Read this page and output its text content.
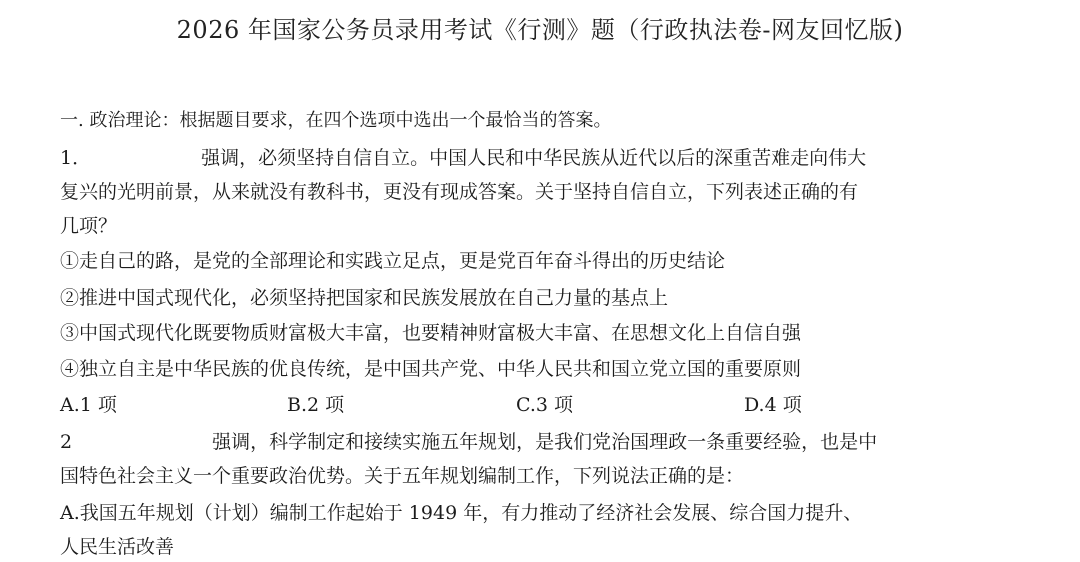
2026 年国家公务员录用考试《行测》题（行政执法卷-网友回忆版)
一. 政治理论：根据题目要求，在四个选项中选出一个最恰当的答案。
1．	强调，必须坚持自信自立。中国人民和中华民族从近代以后的深重苦难走向伟大
复兴的光明前景，从来就没有教科书，更没有现成答案。关于坚持自信自立，下列表述正确的有
几项？
①走自己的路，是党的全部理论和实践立足点，更是党百年奋斗得出的历史结论
②推进中国式现代化，必须坚持把国家和民族发展放在自己力量的基点上
③中国式现代化既要物质财富极大丰富，也要精神财富极大丰富、在思想文化上自信自强
④独立自主是中华民族的优良传统，是中国共产党、中华人民共和国立党立国的重要原则
A.1 项	B.2 项	C.3 项	D.4 项
2	强调，科学制定和接续实施五年规划，是我们党治国理政一条重要经验，也是中
国特色社会主义一个重要政治优势。关于五年规划编制工作，下列说法正确的是：
A.我国五年规划（计划）编制工作起始于 1949 年，有力推动了经济社会发展、综合国力提升、
人民生活改善
